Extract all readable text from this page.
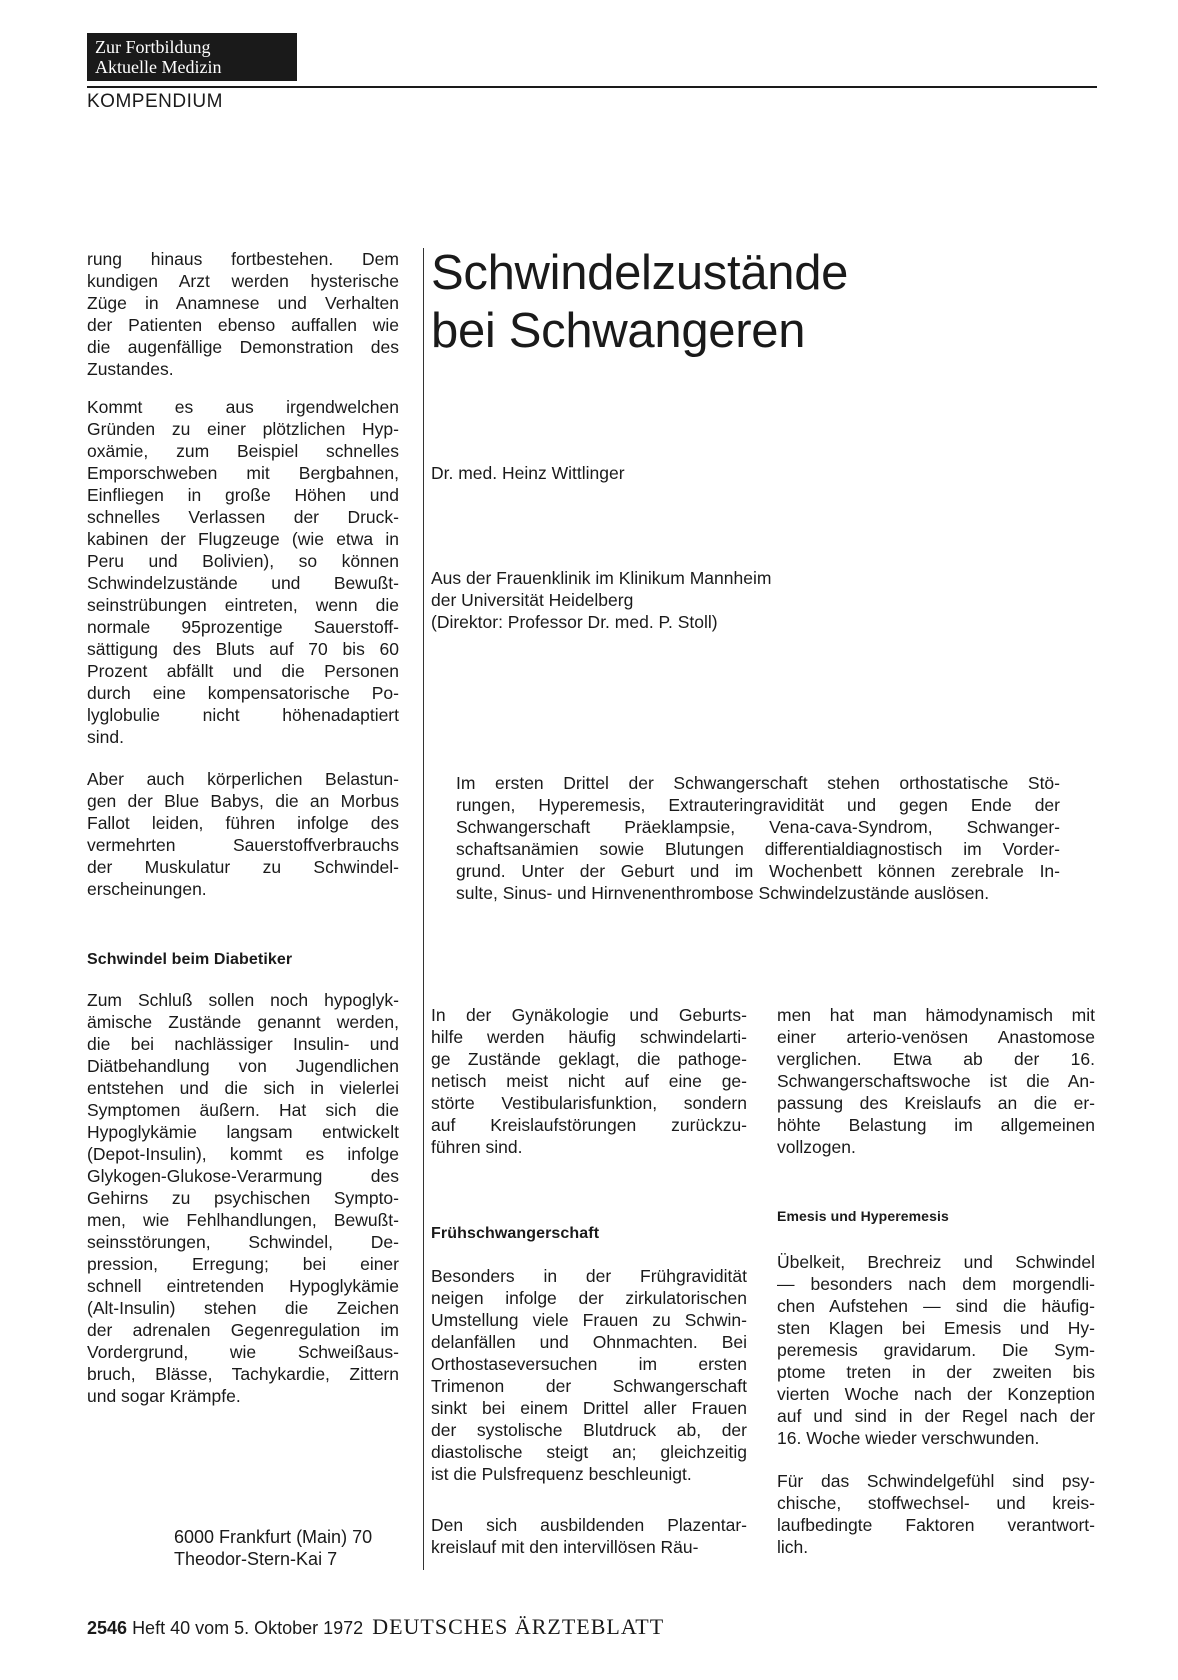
Zur Fortbildung
Aktuelle Medizin
KOMPENDIUM
rung hinaus fortbestehen. Dem
kundigen Arzt werden hysterische
Züge in Anamnese und Verhalten
der Patienten ebenso auffallen wie
die augenfällige Demonstration des
Zustandes.
Kommt es aus irgendwelchen
Gründen zu einer plötzlichen Hyp-
oxämie, zum Beispiel schnelles
Emporschweben mit Bergbahnen,
Einfliegen in große Höhen und
schnelles Verlassen der Druck-
kabinen der Flugzeuge (wie etwa in
Peru und Bolivien), so können
Schwindelzustände und Bewußt-
seinstrübungen eintreten, wenn die
normale 95prozentige Sauerstoff-
sättigung des Bluts auf 70 bis 60
Prozent abfällt und die Personen
durch eine kompensatorische Po-
lyglobulie nicht höhenadaptiert
sind.
Aber auch körperlichen Belastun-
gen der Blue Babys, die an Morbus
Fallot leiden, führen infolge des
vermehrten Sauerstoffverbrauchs
der Muskulatur zu Schwindel-
erscheinungen.
Schwindel beim Diabetiker
Zum Schluß sollen noch hypoglyk-
ämische Zustände genannt werden,
die bei nachlässiger Insulin- und
Diätbehandlung von Jugendlichen
entstehen und die sich in vielerlei
Symptomen äußern. Hat sich die
Hypoglykämie langsam entwickelt
(Depot-Insulin), kommt es infolge
Glykogen-Glukose-Verarmung des
Gehirns zu psychischen Sympto-
men, wie Fehlhandlungen, Bewußt-
seinsstörungen, Schwindel, De-
pression, Erregung; bei einer
schnell eintretenden Hypoglykämie
(Alt-Insulin) stehen die Zeichen
der adrenalen Gegenregulation im
Vordergrund, wie Schweißaus-
bruch, Blässe, Tachykardie, Zittern
und sogar Krämpfe.
6000 Frankfurt (Main) 70
Theodor-Stern-Kai 7
Schwindelzustände
bei Schwangeren
Dr. med. Heinz Wittlinger
Aus der Frauenklinik im Klinikum Mannheim
der Universität Heidelberg
(Direktor: Professor Dr. med. P. Stoll)
Im ersten Drittel der Schwangerschaft stehen orthostatische Stö-
rungen, Hyperemesis, Extrauteringravidität und gegen Ende der
Schwangerschaft Präeklampsie, Vena-cava-Syndrom, Schwanger-
schaftsanämien sowie Blutungen differentialdiagnostisch im Vorder-
grund. Unter der Geburt und im Wochenbett können zerebrale In-
sulte, Sinus- und Hirnvenenthrombose Schwindelzustände auslösen.
In der Gynäkologie und Geburts-
hilfe werden häufig schwindelarti-
ge Zustände geklagt, die pathoge-
netisch meist nicht auf eine ge-
störte Vestibularisfunktion, sondern
auf Kreislaufstörungen zurückzu-
führen sind.
Frühschwangerschaft
Besonders in der Frühgravidität
neigen infolge der zirkulatorischen
Umstellung viele Frauen zu Schwin-
delanfällen und Ohnmachten. Bei
Orthostaseversuchen im ersten
Trimenon der Schwangerschaft
sinkt bei einem Drittel aller Frauen
der systolische Blutdruck ab, der
diastolische steigt an; gleichzeitig
ist die Pulsfrequenz beschleunigt.
Den sich ausbildenden Plazentar-
kreislauf mit den intervillösen Räu-
men hat man hämodynamisch mit
einer arterio-venösen Anastomose
verglichen. Etwa ab der 16.
Schwangerschaftswoche ist die An-
passung des Kreislaufs an die er-
höhte Belastung im allgemeinen
vollzogen.
Emesis und Hyperemesis
Übelkeit, Brechreiz und Schwindel
— besonders nach dem morgendli-
chen Aufstehen — sind die häufig-
sten Klagen bei Emesis und Hy-
peremesis gravidarum. Die Sym-
ptome treten in der zweiten bis
vierten Woche nach der Konzeption
auf und sind in der Regel nach der
16. Woche wieder verschwunden.
Für das Schwindelgefühl sind psy-
chische, stoffwechsel- und kreis-
laufbedingte Faktoren verantwort-
lich.
2546 Heft 40 vom 5. Oktober 1972 DEUTSCHES ÄRZTEBLATT
